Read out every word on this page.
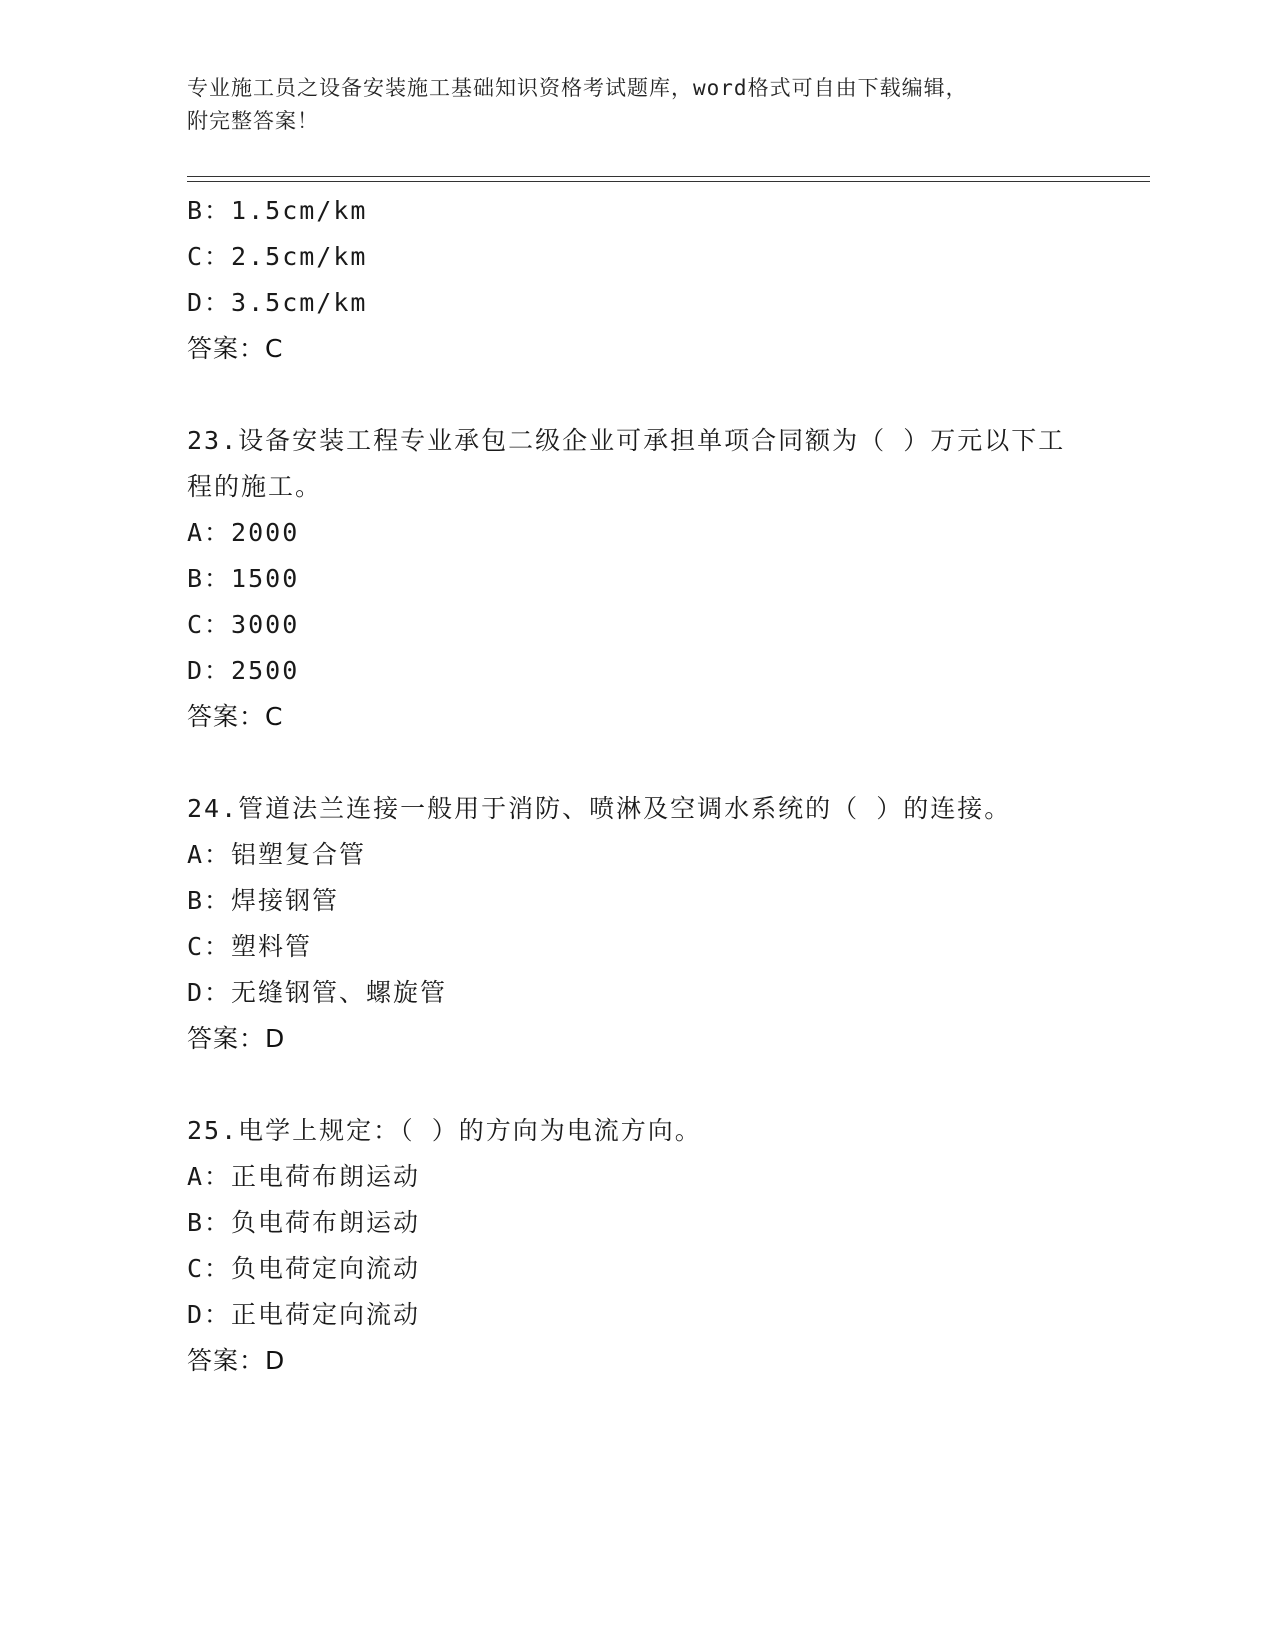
专业施工员之设备安装施工基础知识资格考试题库，word格式可自由下载编辑，
附完整答案！
B：1.5cm/km
C：2.5cm/km
D：3.5cm/km
答案：C
23.设备安装工程专业承包二级企业可承担单项合同额为（ ）万元以下工程的施工。
A：2000
B：1500
C：3000
D：2500
答案：C
24.管道法兰连接一般用于消防、喷淋及空调水系统的（ ）的连接。
A：铝塑复合管
B：焊接钢管
C：塑料管
D：无缝钢管、螺旋管
答案：D
25.电学上规定：（ ）的方向为电流方向。
A：正电荷布朗运动
B：负电荷布朗运动
C：负电荷定向流动
D：正电荷定向流动
答案：D
